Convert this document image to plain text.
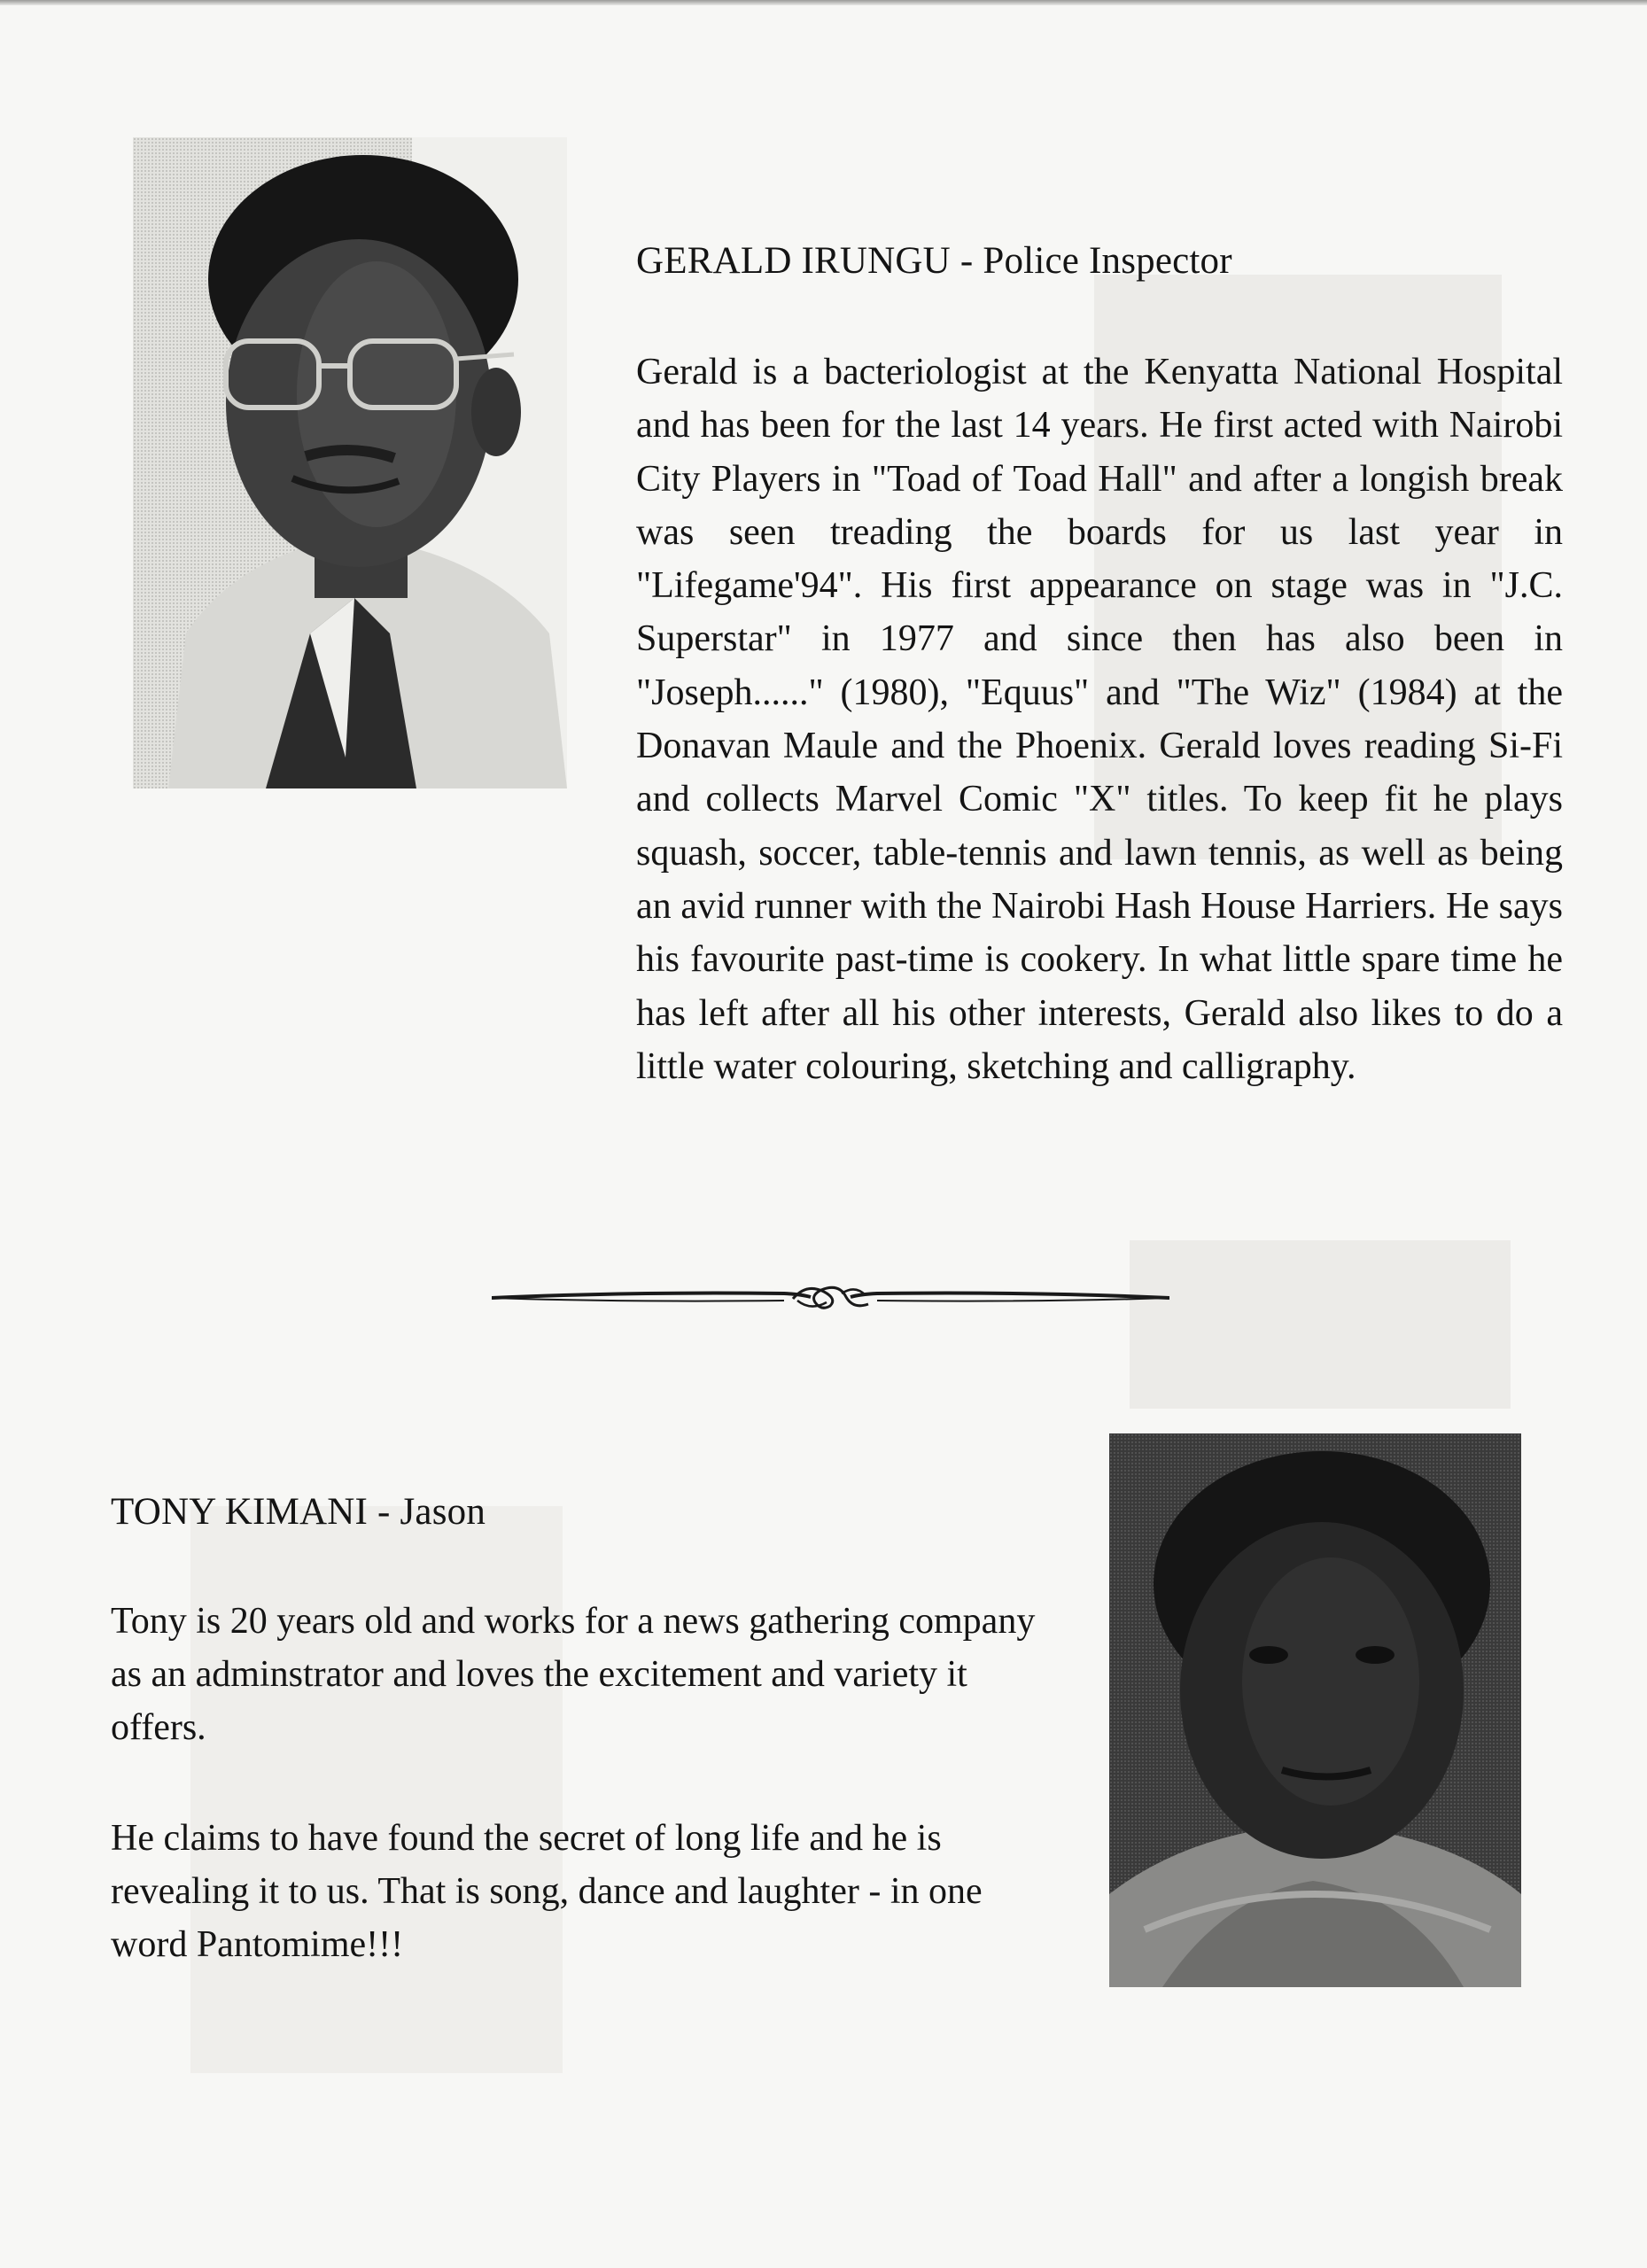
GERALD IRUNGU - Police Inspector
Gerald is a bacteriologist at the Kenyatta National Hospital and has been for the last 14 years. He first acted with Nairobi City Players in "Toad of Toad Hall" and after a longish break was seen treading the boards for us last year in "Lifegame'94". His first appearance on stage was in "J.C. Superstar" in 1977 and since then has also been in "Joseph......" (1980), "Equus" and "The Wiz" (1984) at the Donavan Maule and the Phoenix. Gerald loves reading Si-Fi and collects Marvel Comic "X" titles. To keep fit he plays squash, soccer, table-tennis and lawn tennis, as well as being an avid runner with the Nairobi Hash House Harriers. He says his favourite past-time is cookery. In what little spare time he has left after all his other interests, Gerald also likes to do a little water colouring, sketching and calligraphy.
TONY KIMANI - Jason
Tony is 20 years old and works for a news gathering company as an adminstrator and loves the excitement and variety it offers.
He claims to have found the secret of long life and he is revealing it to us. That is song, dance and laughter - in one word Pantomime!!!
